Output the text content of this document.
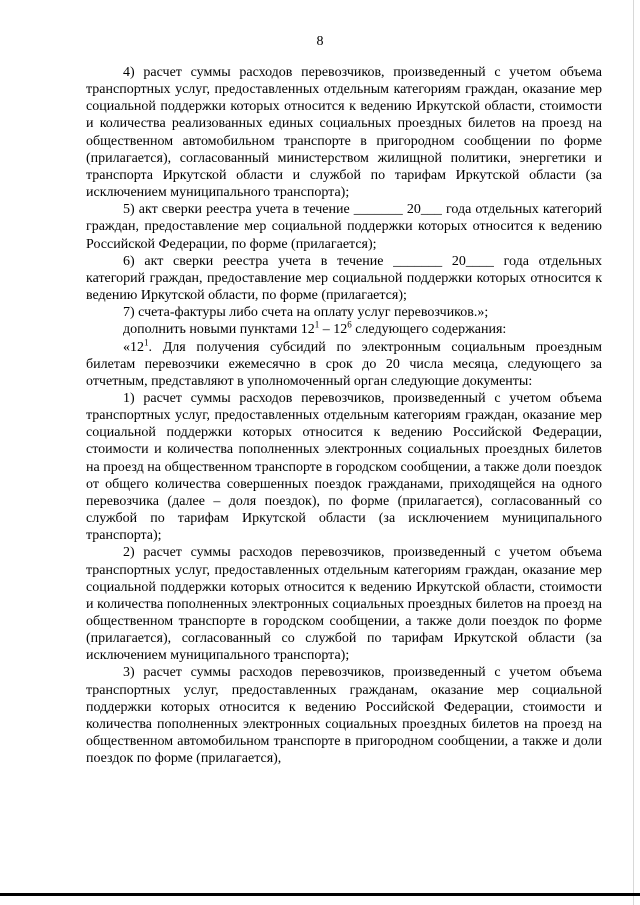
8

4) расчет суммы расходов перевозчиков, произведенный с учетом объема транспортных услуг, предоставленных отдельным категориям граждан, оказание мер социальной поддержки которых относится к ведению Иркутской области, стоимости и количества реализованных единых социальных проездных билетов на проезд на общественном автомобильном транспорте в пригородном сообщении по форме (прилагается), согласованный министерством жилищной политики, энергетики и транспорта Иркутской области и службой по тарифам Иркутской области (за исключением муниципального транспорта);

5) акт сверки реестра учета в течение _______ 20___ года отдельных категорий граждан, предоставление мер социальной поддержки которых относится к ведению Российской Федерации, по форме (прилагается);

6) акт сверки реестра учета в течение _______ 20____ года отдельных категорий граждан, предоставление мер социальной поддержки которых относится к ведению Иркутской области, по форме (прилагается);

7) счета-фактуры либо счета на оплату услуг перевозчиков.»;

дополнить новыми пунктами $12^1 - 12^6$ следующего содержания:

«$12^1$. Для получения субсидий по электронным социальным проездным билетам перевозчики ежемесячно в срок до 20 числа месяца, следующего за отчетным, представляют в уполномоченный орган следующие документы:

1) расчет суммы расходов перевозчиков, произведенный с учетом объема транспортных услуг, предоставленных отдельным категориям граждан, оказание мер социальной поддержки которых относится к ведению Российской Федерации, стоимости и количества пополненных электронных социальных проездных билетов на проезд на общественном транспорте в городском сообщении, а также доли поездок от общего количества совершенных поездок гражданами, приходящейся на одного перевозчика (далее – доля поездок), по форме (прилагается), согласованный со службой по тарифам Иркутской области (за исключением муниципального транспорта);

2) расчет суммы расходов перевозчиков, произведенный с учетом объема транспортных услуг, предоставленных отдельным категориям граждан, оказание мер социальной поддержки которых относится к ведению Иркутской области, стоимости и количества пополненных электронных социальных проездных билетов на проезд на общественном транспорте в городском сообщении, а также доли поездок по форме (прилагается), согласованный со службой по тарифам Иркутской области (за исключением муниципального транспорта);

3) расчет суммы расходов перевозчиков, произведенный с учетом объема транспортных услуг, предоставленных гражданам, оказание мер социальной поддержки которых относится к ведению Российской Федерации, стоимости и количества пополненных электронных социальных проездных билетов на проезд на общественном автомобильном транспорте в пригородном сообщении, а также и доли поездок по форме (прилагается),
